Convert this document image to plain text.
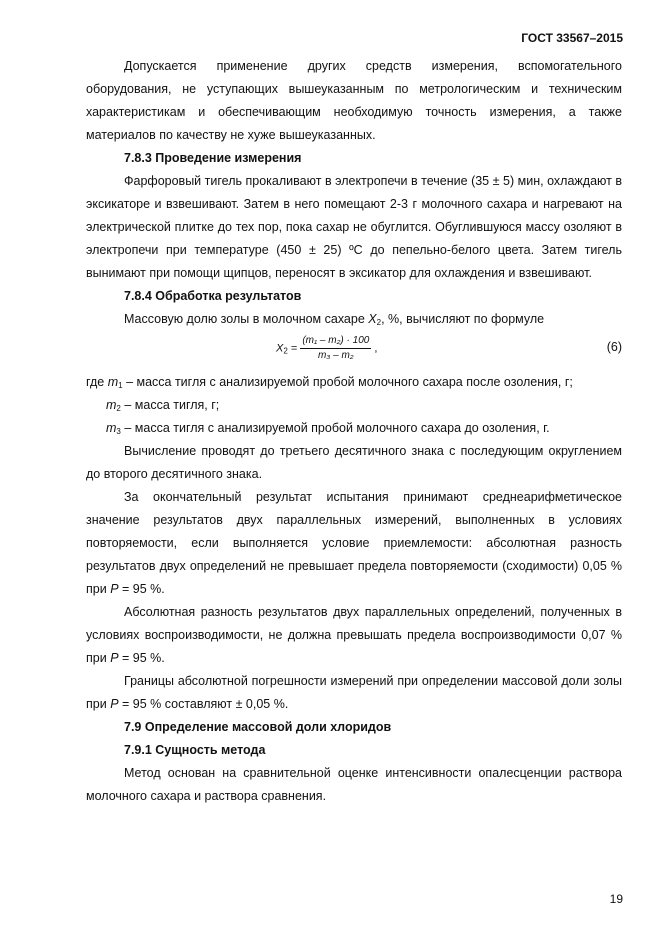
ГОСТ 33567–2015

Допускается применение других средств измерения, вспомогательного оборудования, не уступающих вышеуказанным по метрологическим и техническим характеристикам и обеспечивающим необходимую точность измерения, а также материалов по качеству не хуже вышеуказанных.

7.8.3 Проведение измерения

Фарфоровый тигель прокаливают в электропечи в течение (35 ± 5) мин, охлаждают в эксикаторе и взвешивают. Затем в него помещают 2-3 г молочного сахара и нагревают на электрической плитке до тех пор, пока сахар не обуглится. Обуглившуюся массу озоляют в электропечи при температуре (450 ± 25) ºС до пепельно-белого цвета. Затем тигель вынимают при помощи щипцов, переносят в эксикатор для охлаждения и взвешивают.

7.8.4 Обработка результатов

Массовую долю золы в молочном сахаре $X_2$, %, вычисляют по формуле

$X_2 = \frac{\text{(m₁ – m₂) · 100}}{\text{m₃ – m₂}}$ ,	(6)

где $m_1$ – масса тигля с анализируемой пробой молочного сахара после озоления, г;

$m_2$ – масса тигля, г;

$m_3$ – масса тигля с анализируемой пробой молочного сахара до озоления, г.

Вычисление проводят до третьего десятичного знака с последующим округлением до второго десятичного знака.

За окончательный результат испытания принимают среднеарифметическое значение результатов двух параллельных измерений, выполненных в условиях повторяемости, если выполняется условие приемлемости: абсолютная разность результатов двух определений не превышает предела повторяемости (сходимости) 0,05 % при P = 95 %.

Абсолютная разность результатов двух параллельных определений, полученных в условиях воспроизводимости, не должна превышать предела воспроизводимости 0,07 % при P = 95 %.

Границы абсолютной погрешности измерений при определении массовой доли золы при P = 95 % составляют ± 0,05 %.

7.9 Определение массовой доли хлоридов

7.9.1 Сущность метода

Метод основан на сравнительной оценке интенсивности опалесценции раствора молочного сахара и раствора сравнения.

19
